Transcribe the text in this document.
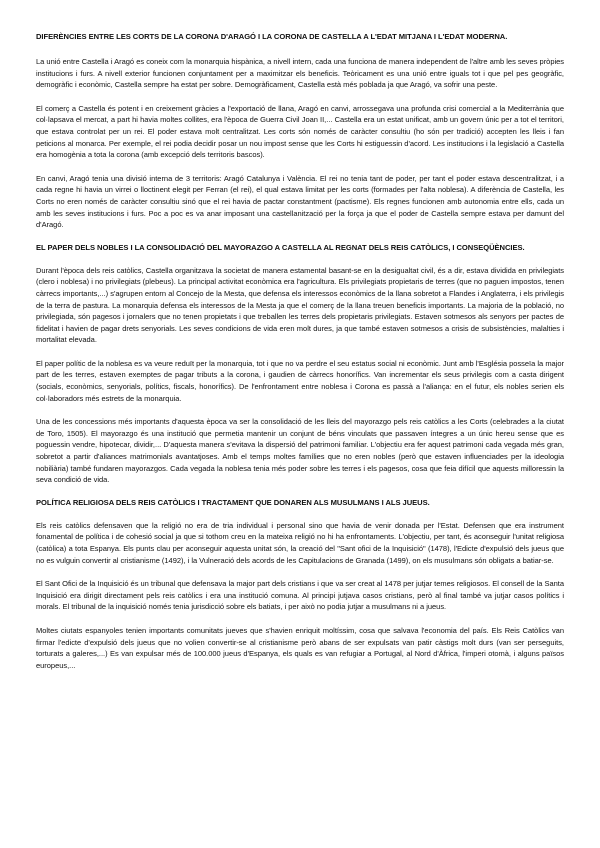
DIFERÈNCIES ENTRE LES CORTS DE LA CORONA D'ARAGÓ I LA CORONA DE CASTELLA A L'EDAT MITJANA I L'EDAT MODERNA.

La unió entre Castella i Aragó es coneix com la monarquia hispànica, a nivell intern, cada una funciona de manera independent de l'altre amb les seves pròpies institucions i furs. A nivell exterior funcionen conjuntament per a maximitzar els beneficis. Teòricament es una unió entre iguals tot i que pel pes geogràfic, demogràfic i econòmic, Castella sempre ha estat per sobre. Demogràficament, Castella està més poblada ja que Aragó, va sofrir una peste.

El comerç a Castella és potent i en creixement gràcies a l'exportació de llana, Aragó en canvi, arrossegava una profunda crisi comercial a la Mediterrània que col·lapsava el mercat, a part hi havia moltes collites, era l'època de Guerra Civil Joan II,... Castella era un estat unificat, amb un govern únic per a tot el territori, que estava controlat per un rei. El poder estava molt centralitzat. Les corts són només de caràcter consultiu (ho són per tradició) accepten les lleis i fan peticions al monarca. Per exemple, el rei podia decidir posar un nou impost sense que les Corts hi estiguessin d'acord. Les institucions i la legislació a Castella era homogènia a tota la corona (amb excepció dels territoris bascos).

En canvi, Aragó tenia una divisió interna de 3 territoris: Aragó Catalunya i València. El rei no tenia tant de poder, per tant el poder estava descentralitzat, i a cada regne hi havia un virrei o lloctinent elegit per Ferran (el rei), el qual estava limitat per les corts (formades per l'alta noblesa). A diferència de Castella, les Corts no eren només de caràcter consultiu sinó que el rei havia de pactar constantment (pactisme). Els regnes funcionen amb autonomia entre ells, cada un amb les seves institucions i furs. Poc a poc es va anar imposant una castellanització per la força ja que el poder de Castella sempre estava per damunt del d'Aragó.

EL PAPER DELS NOBLES I LA CONSOLIDACIÓ DEL MAYORAZGO A CASTELLA AL REGNAT DELS REIS CATÒLICS, I CONSEQÜÈNCIES.

Durant l'època dels reis catòlics, Castella organitzava la societat de manera estamental basant-se en la desigualtat civil, és a dir, estava dividida en privilegiats (clero i noblesa) i no privilegiats (plebeus). La principal activitat econòmica era l'agricultura. Els privilegiats propietaris de terres (que no paguen impostos, tenen càrrecs importants,...) s'agrupen entorn al Concejo de la Mesta, que defensa els interessos econòmics de la llana sobretot a Flandes i Anglaterra, i els privilegis de la terra de pastura. La monarquia defensa els interessos de la Mesta ja que el comerç de la llana treuen beneficis importants. La majoria de la població, no privilegiada, són pagesos i jornalers que no tenen propietats i que treballen les terres dels propietaris privilegiats. Estaven sotmesos als senyors per pactes de fidelitat i havien de pagar drets senyorials. Les seves condicions de vida eren molt dures, ja que també estaven sotmesos a crisis de subsistències, malalties i mortalitat elevada.

El paper polític de la noblesa es va veure reduït per la monarquia, tot i que no va perdre el seu estatus social ni econòmic. Junt amb l'Església posseïa la major part de les terres, estaven exemptes de pagar tributs a la corona, i gaudien de càrrecs honorífics. Van incrementar els seus privilegis com a casta dirigent (socials, econòmics, senyorials, polítics, fiscals, honorífics). De l'enfrontament entre noblesa i Corona es passà a l'aliança: en el futur, els nobles serien els col·laboradors més estrets de la monarquia.

Una de les concessions més importants d'aquesta època va ser la consolidació de les lleis del mayorazgo pels reis catòlics a les Corts (celebrades a la ciutat de Toro, 1505). El mayorazgo és una institució que permetia mantenir un conjunt de béns vinculats que passaven íntegres a un únic hereu sense que es poguessin vendre, hipotecar, dividir,... D'aquesta manera s'evitava la dispersió del patrimoni familiar. L'objectiu era fer aquest patrimoni cada vegada més gran, sobretot a partir d'aliances matrimonials avantatjoses. Amb el temps moltes famílies que no eren nobles (però que estaven influenciades per la ideologia nobiliària) també fundaren mayorazgos. Cada vegada la noblesa tenia més poder sobre les terres i els pagesos, cosa que feia difícil que aquests milloressin la seva condició de vida.

POLÍTICA RELIGIOSA DELS REIS CATÒLICS I TRACTAMENT QUE DONAREN ALS MUSULMANS I ALS JUEUS.

Els reis catòlics defensaven que la religió no era de tria individual i personal sino que havia de venir donada per l'Estat. Defensen que era instrument fonamental de política i de cohesió social ja que si tothom creu en la mateixa religió no hi ha enfrontaments. L'objectiu, per tant, és aconseguir l'unitat religiosa (catòlica) a tota Espanya. Els punts clau per aconseguir aquesta unitat són, la creació del "Sant ofici de la Inquisició" (1478), l'Edicte d'expulsió dels jueus que no es vulguin convertir al cristianisme (1492), i la Vulneració dels acords de les Capitulacions de Granada (1499), on els musulmans són obligats a batiar-se.

El Sant Ofici de la Inquisició és un tribunal que defensava la major part dels cristians i que va ser creat al 1478 per jutjar temes religiosos. El consell de la Santa Inquisició era dirigit directament pels reis catòlics i era una institució comuna. Al principi jutjava casos cristians, però al final també va jutjar casos polítics i morals. El tribunal de la inquisició només tenia jurisdicció sobre els batiats, i per això no podia jutjar a musulmans ni a jueus.

Moltes ciutats espanyoles tenien importants comunitats jueves que s'havien enriquit moltíssim, cosa que salvava l'economia del país. Els Reis Catòlics van firmar l'edicte d'expulsió dels jueus que no volien convertir-se al cristianisme però abans de ser expulsats van patir càstigs molt durs (van ser perseguits, torturats a galeres,...) Es van expulsar més de 100.000 jueus d'Espanya, els quals es van refugiar a Portugal, al Nord d'Àfrica, l'imperi otomà, i alguns països europeus,...
